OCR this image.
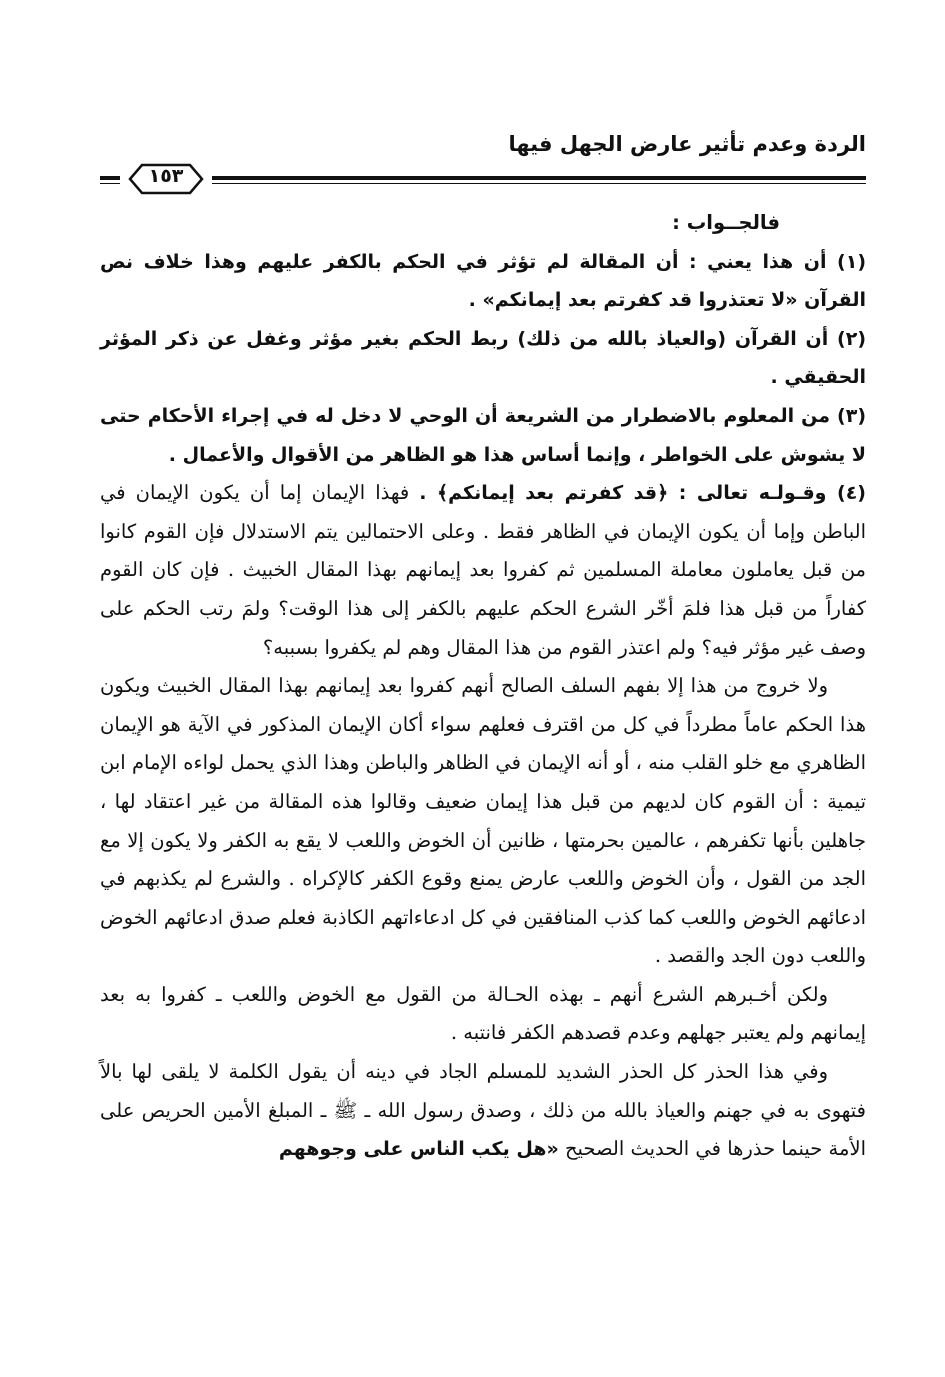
الردة وعدم تأثير عارض الجهل فيها
١٥٣

فالجــواب :

(١) أن هذا يعني : أن المقالة لم تؤثر في الحكم بالكفر عليهم وهذا خلاف نص القرآن «لا تعتذروا قد كفرتم بعد إيمانكم» .

(٢) أن القرآن (والعياذ بالله من ذلك) ربط الحكم بغير مؤثر وغفل عن ذكر المؤثر الحقيقي .

(٣) من المعلوم بالاضطرار من الشريعة أن الوحي لا دخل له في إجراء الأحكام حتى لا يشوش على الخواطر ، وإنما أساس هذا هو الظاهر من الأقوال والأعمال .

(٤) وقـولـه تعالى : ﴿قد كفرتم بعد إيمانكم﴾ . فهذا الإيمان إما أن يكون الإيمان في الباطن وإما أن يكون الإيمان في الظاهر فقط . وعلى الاحتمالين يتم الاستدلال فإن القوم كانوا من قبل يعاملون معاملة المسلمين ثم كفروا بعد إيمانهم بهذا المقال الخبيث . فإن كان القوم كفاراً من قبل هذا فلمَ أخّر الشرع الحكم عليهم بالكفر إلى هذا الوقت؟ ولمَ رتب الحكم على وصف غير مؤثر فيه؟ ولم اعتذر القوم من هذا المقال وهم لم يكفروا بسببه؟

ولا خروج من هذا إلا بفهم السلف الصالح أنهم كفروا بعد إيمانهم بهذا المقال الخبيث ويكون هذا الحكم عاماً مطرداً في كل من اقترف فعلهم سواء أكان الإيمان المذكور في الآية هو الإيمان الظاهري مع خلو القلب منه ، أو أنه الإيمان في الظاهر والباطن وهذا الذي يحمل لواءه الإمام ابن تيمية : أن القوم كان لديهم من قبل هذا إيمان ضعيف وقالوا هذه المقالة من غير اعتقاد لها ، جاهلين بأنها تكفرهم ، عالمين بحرمتها ، ظانين أن الخوض واللعب لا يقع به الكفر ولا يكون إلا مع الجد من القول ، وأن الخوض واللعب عارض يمنع وقوع الكفر كالإكراه . والشرع لم يكذبهم في ادعائهم الخوض واللعب كما كذب المنافقين في كل ادعاءاتهم الكاذبة فعلم صدق ادعائهم الخوض واللعب دون الجد والقصد .

ولكن أخـبرهم الشرع أنهم ـ بهذه الحـالة من القول مع الخوض واللعب ـ كفروا به بعد إيمانهم ولم يعتبر جهلهم وعدم قصدهم الكفر فانتبه .

وفي هذا الحذر كل الحذر الشديد للمسلم الجاد في دينه أن يقول الكلمة لا يلقى لها بالاً فتهوى به في جهنم والعياذ بالله من ذلك ، وصدق رسول الله ـ ﷺ ـ المبلغ الأمين الحريص على الأمة حينما حذرها في الحديث الصحيح «هل يكب الناس على وجوههم
